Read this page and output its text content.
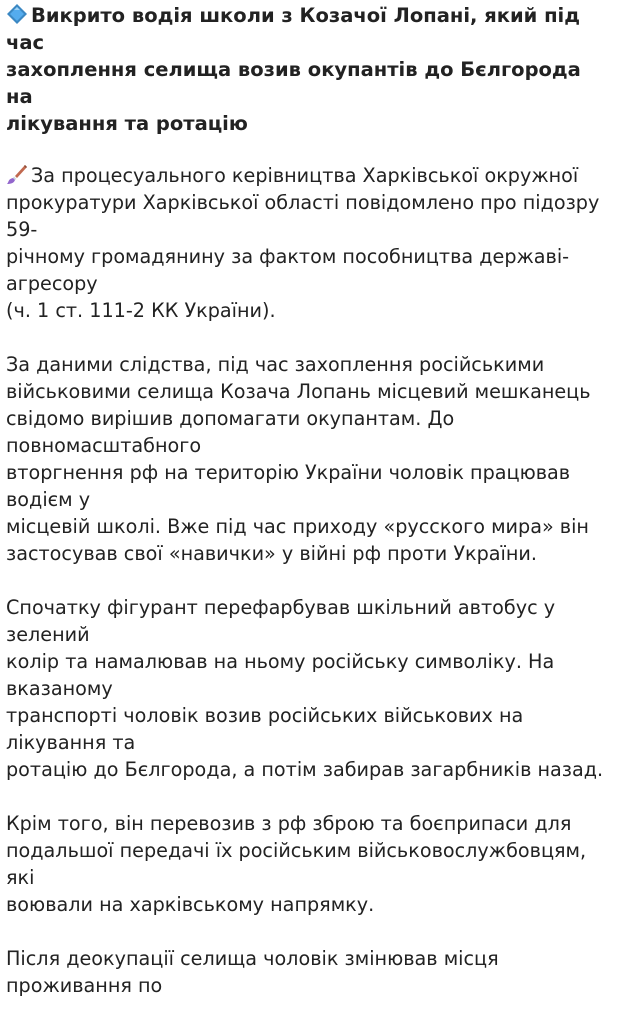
Викрито водія школи з Козачої Лопані, який під час
захоплення селища возив окупантів до Бєлгорода на
лікування та ротацію
За процесуального керівництва Харківської окружної
прокуратури Харківської області повідомлено про підозру 59-
річному громадянину за фактом пособництва державі-агресору
(ч. 1 ст. 111-2 КК України).
За даними слідства, під час захоплення російськими
військовими селища Козача Лопань місцевий мешканець
свідомо вирішив допомагати окупантам. До повномасштабного
вторгнення рф на територію України чоловік працював водієм у
місцевій школі. Вже під час приходу «русского мира» він
застосував свої «навички» у війні рф проти України.
Спочатку фігурант перефарбував шкільний автобус у зелений
колір та намалював на ньому російську символіку. На вказаному
транспорті чоловік возив російських військових на лікування та
ротацію до Бєлгорода, а потім забирав загарбників назад.
Крім того, він перевозив з рф зброю та боєприпаси для
подальшої передачі їх російським військовослужбовцям, які
воювали на харківському напрямку.
Після деокупації селища чоловік змінював місця проживання по
